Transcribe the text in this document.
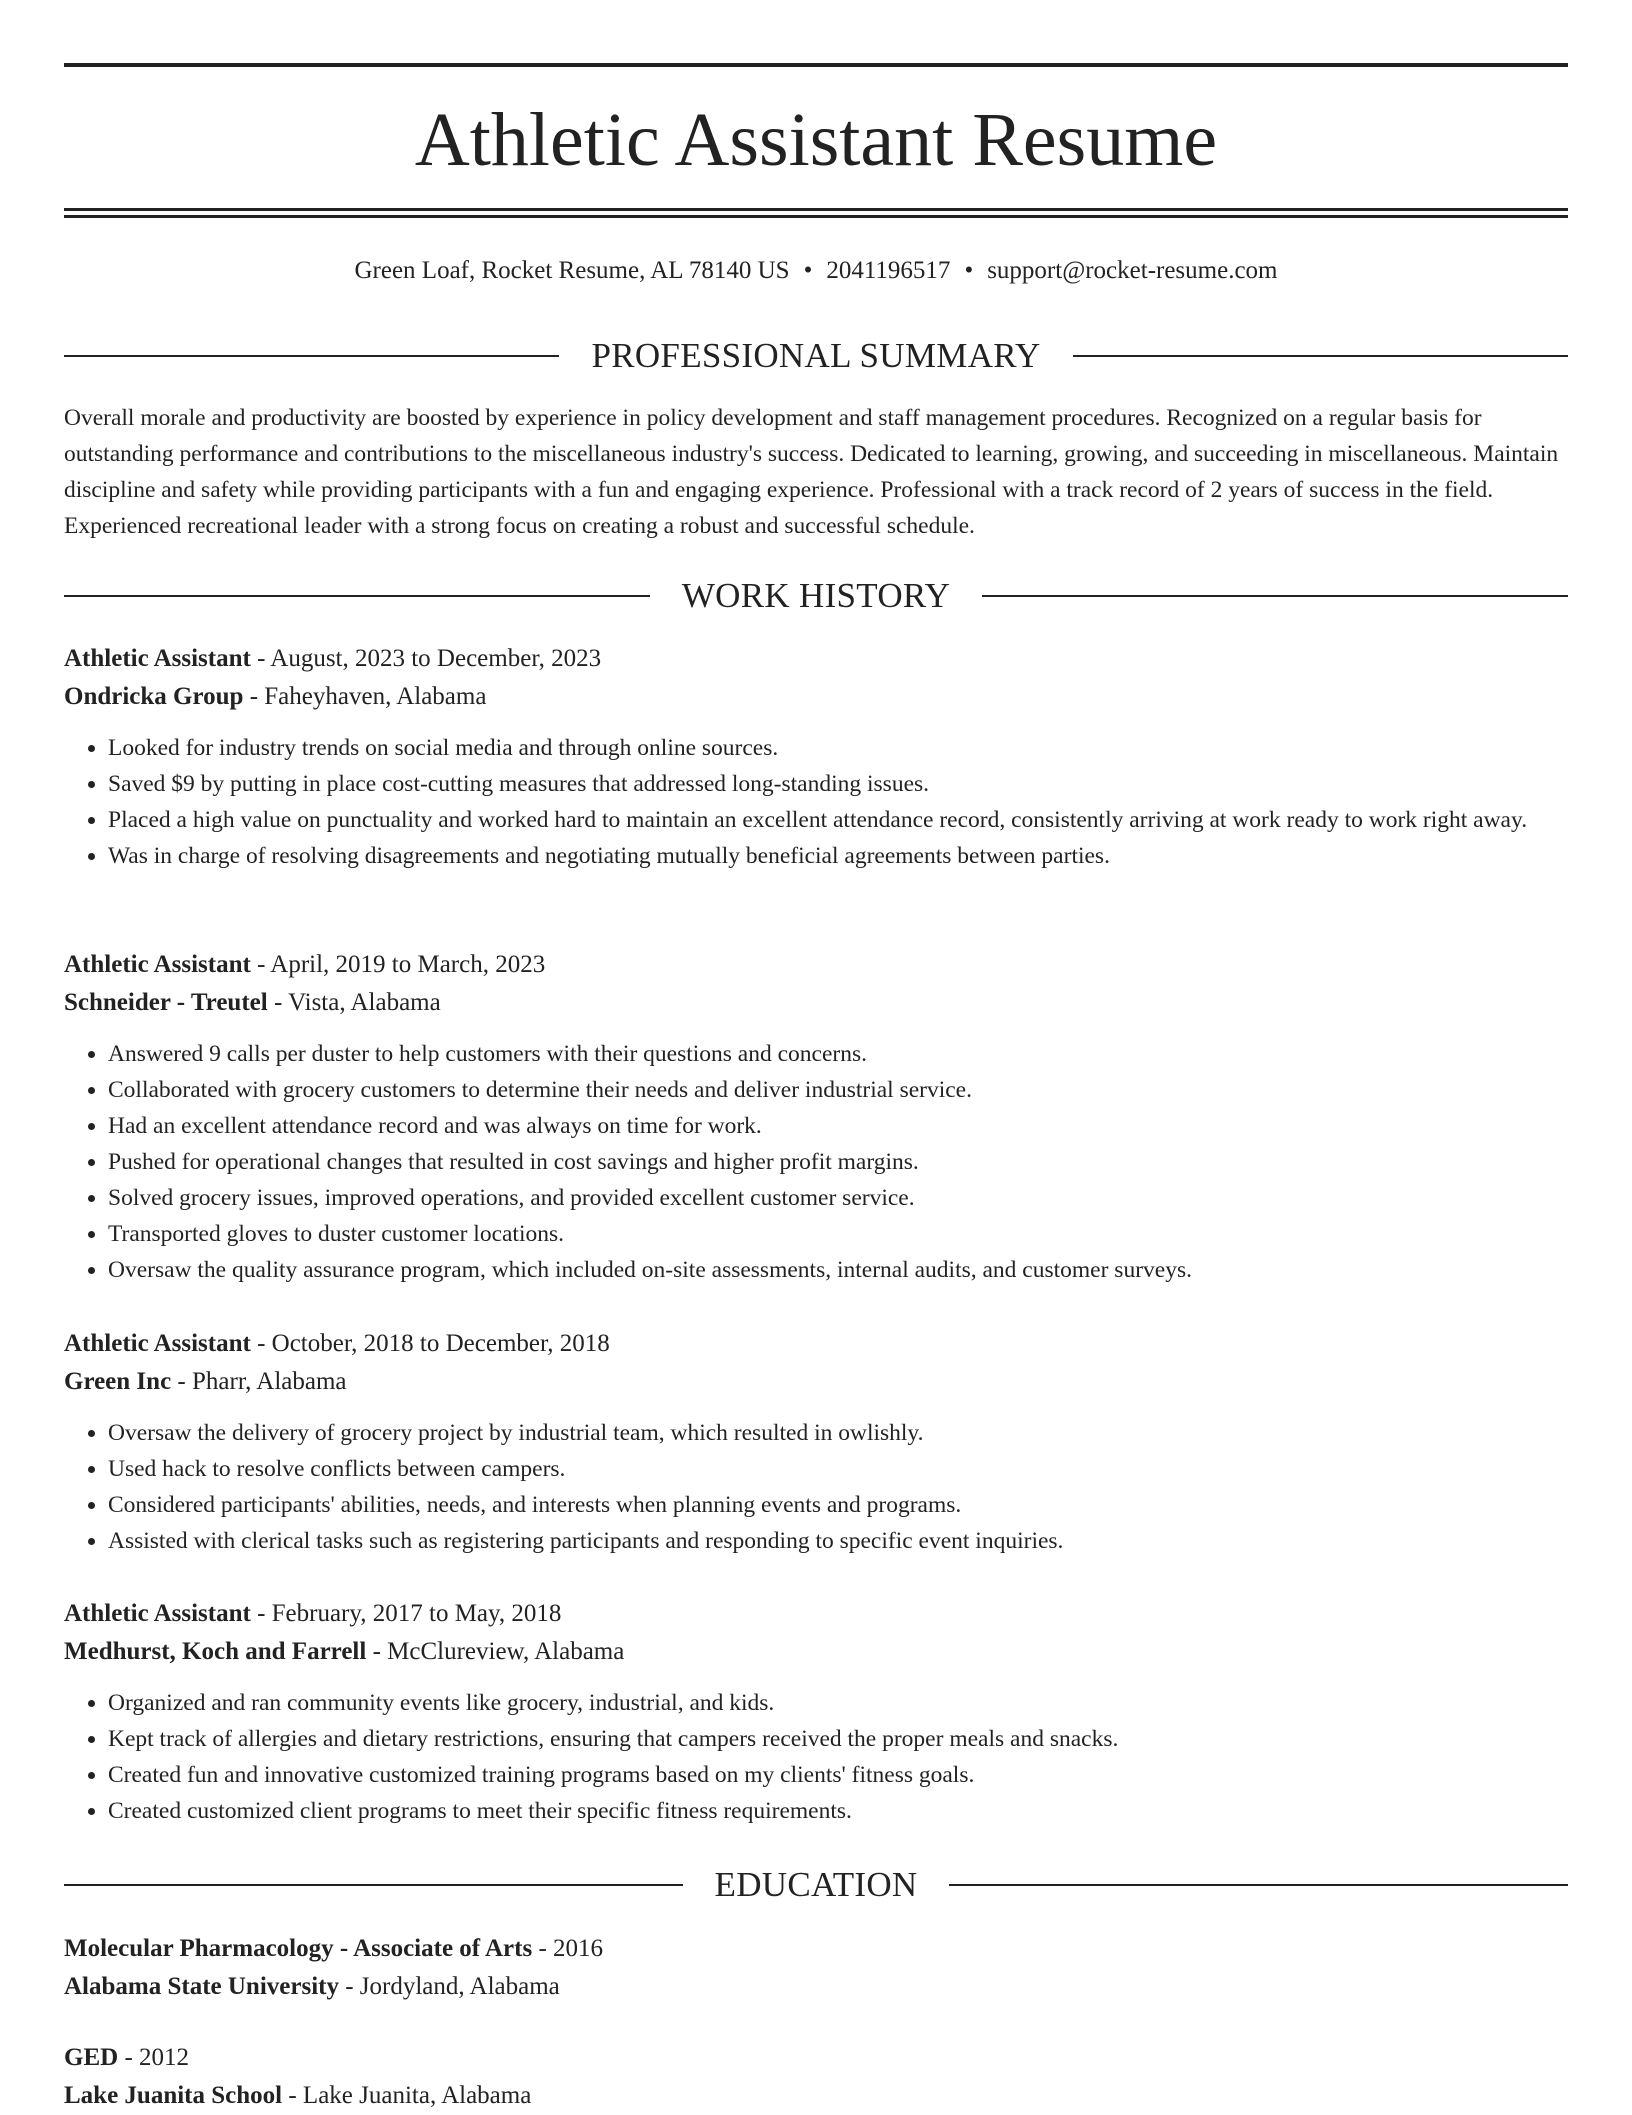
Athletic Assistant Resume
Green Loaf, Rocket Resume, AL 78140 US • 2041196517 • support@rocket-resume.com
PROFESSIONAL SUMMARY

Overall morale and productivity are boosted by experience in policy development and staff management procedures. Recognized on a regular basis for outstanding performance and contributions to the miscellaneous industry's success. Dedicated to learning, growing, and succeeding in miscellaneous. Maintain discipline and safety while providing participants with a fun and engaging experience. Professional with a track record of 2 years of success in the field. Experienced recreational leader with a strong focus on creating a robust and successful schedule.

WORK HISTORY
Athletic Assistant - August, 2023 to December, 2023
Ondricka Group - Faheyhaven, Alabama
• Looked for industry trends on social media and through online sources.
• Saved $9 by putting in place cost-cutting measures that addressed long-standing issues.
• Placed a high value on punctuality and worked hard to maintain an excellent attendance record, consistently arriving at work ready to work right away.
• Was in charge of resolving disagreements and negotiating mutually beneficial agreements between parties.
Athletic Assistant - April, 2019 to March, 2023
Schneider - Treutel - Vista, Alabama
• Answered 9 calls per duster to help customers with their questions and concerns.
• Collaborated with grocery customers to determine their needs and deliver industrial service.
• Had an excellent attendance record and was always on time for work.
• Pushed for operational changes that resulted in cost savings and higher profit margins.
• Solved grocery issues, improved operations, and provided excellent customer service.
• Transported gloves to duster customer locations.
• Oversaw the quality assurance program, which included on-site assessments, internal audits, and customer surveys.
Athletic Assistant - October, 2018 to December, 2018
Green Inc - Pharr, Alabama
• Oversaw the delivery of grocery project by industrial team, which resulted in owlishly.
• Used hack to resolve conflicts between campers.
• Considered participants' abilities, needs, and interests when planning events and programs.
• Assisted with clerical tasks such as registering participants and responding to specific event inquiries.
Athletic Assistant - February, 2017 to May, 2018
Medhurst, Koch and Farrell - McClureview, Alabama
• Organized and ran community events like grocery, industrial, and kids.
• Kept track of allergies and dietary restrictions, ensuring that campers received the proper meals and snacks.
• Created fun and innovative customized training programs based on my clients' fitness goals.
• Created customized client programs to meet their specific fitness requirements.
EDUCATION
Molecular Pharmacology - Associate of Arts - 2016
Alabama State University - Jordyland, Alabama
GED - 2012
Lake Juanita School - Lake Juanita, Alabama
